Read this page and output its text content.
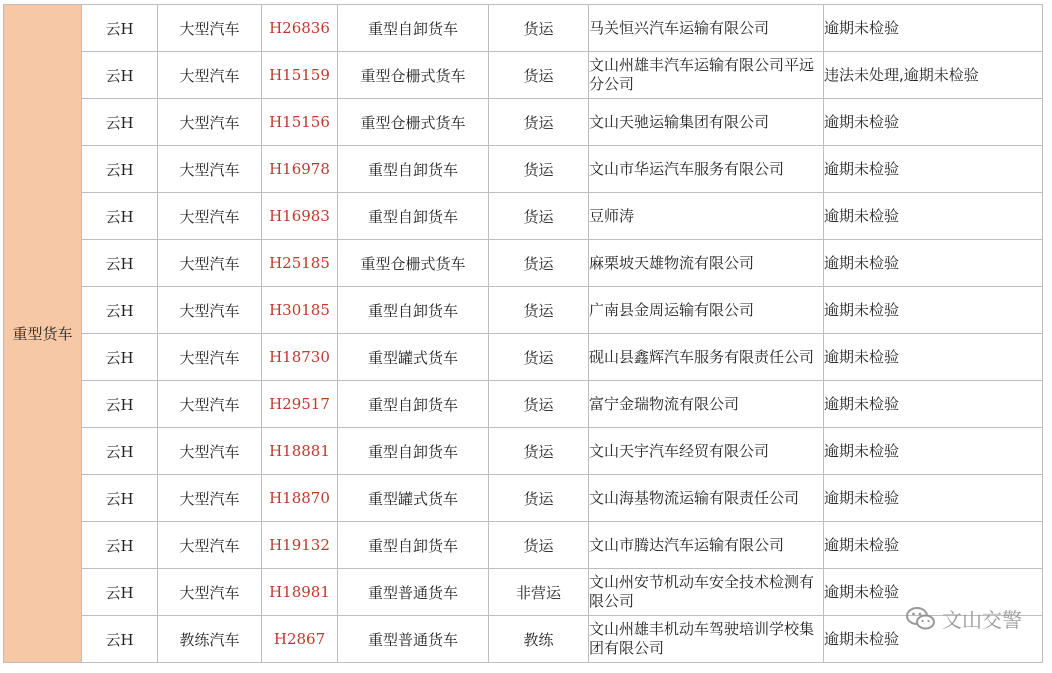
重型货车	云H	大型汽车	H26836	重型自卸货车	货运	马关恒兴汽车运输有限公司	逾期未检验
	云H	大型汽车	H15159	重型仓栅式货车	货运	文山州雄丰汽车运输有限公司平远分公司	违法未处理,逾期未检验
	云H	大型汽车	H15156	重型仓栅式货车	货运	文山天驰运输集团有限公司	逾期未检验
	云H	大型汽车	H16978	重型自卸货车	货运	文山市华运汽车服务有限公司	逾期未检验
	云H	大型汽车	H16983	重型自卸货车	货运	豆师涛	逾期未检验
	云H	大型汽车	H25185	重型仓栅式货车	货运	麻栗坡天雄物流有限公司	逾期未检验
	云H	大型汽车	H30185	重型自卸货车	货运	广南县金周运输有限公司	逾期未检验
	云H	大型汽车	H18730	重型罐式货车	货运	砚山县鑫辉汽车服务有限责任公司	逾期未检验
	云H	大型汽车	H29517	重型自卸货车	货运	富宁金瑞物流有限公司	逾期未检验
	云H	大型汽车	H18881	重型自卸货车	货运	文山天宇汽车经贸有限公司	逾期未检验
	云H	大型汽车	H18870	重型罐式货车	货运	文山海基物流运输有限责任公司	逾期未检验
	云H	大型汽车	H19132	重型自卸货车	货运	文山市腾达汽车运输有限公司	逾期未检验
	云H	大型汽车	H18981	重型普通货车	非营运	文山州安节机动车安全技术检测有限公司	逾期未检验
	云H	教练汽车	H2867	重型普通货车	教练	文山州雄丰机动车驾驶培训学校集团有限公司	逾期未检验
文山交警
